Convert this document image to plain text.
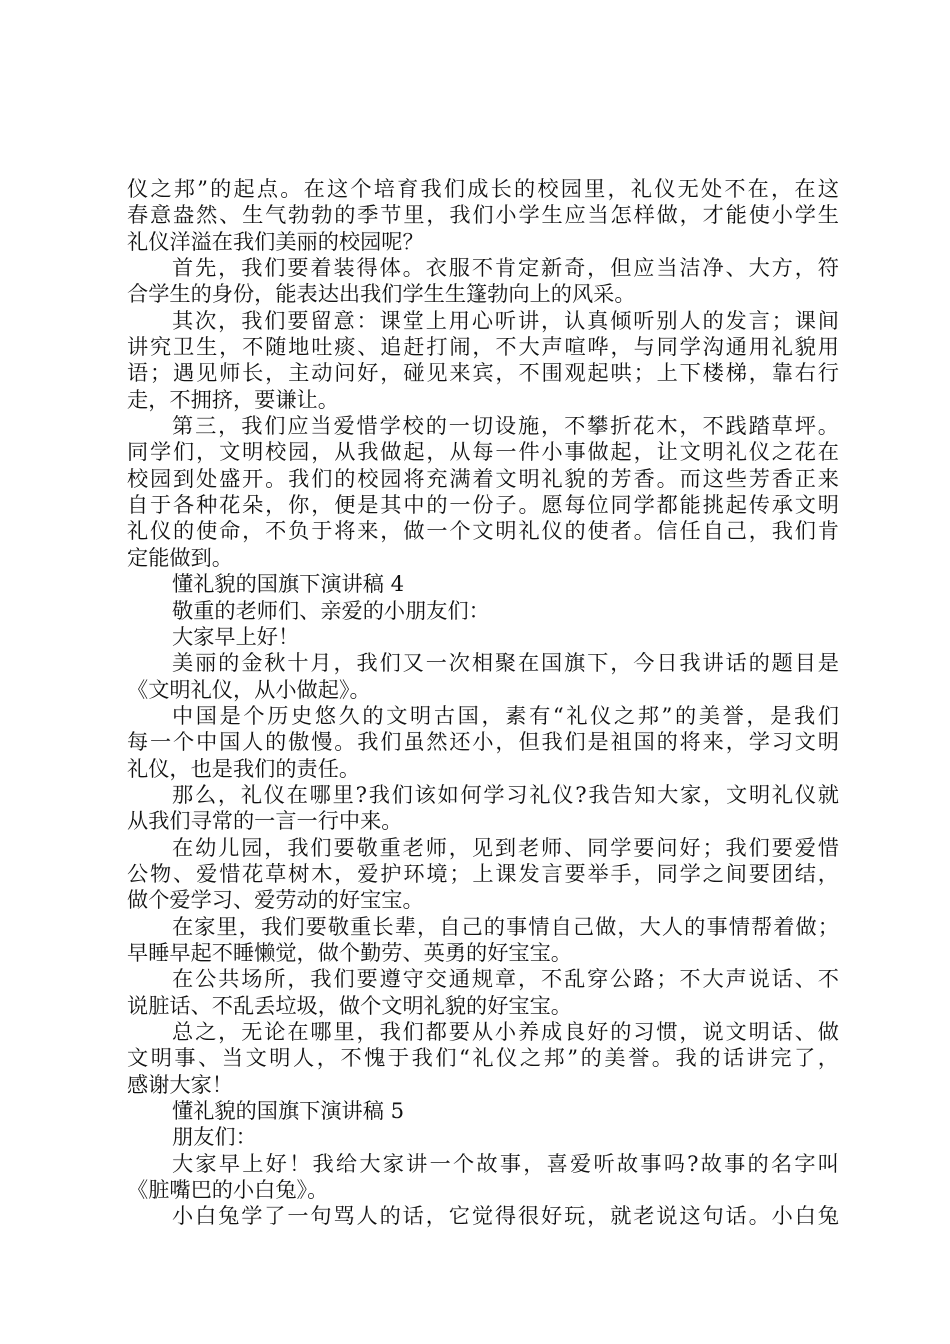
仪之邦”的起点。在这个培育我们成长的校园里，礼仪无处不在，在这
春意盎然、生气勃勃的季节里，我们小学生应当怎样做，才能使小学生
礼仪洋溢在我们美丽的校园呢？
首先，我们要着装得体。衣服不肯定新奇，但应当洁净、大方，符
合学生的身份，能表达出我们学生生篷勃向上的风采。
其次，我们要留意：课堂上用心听讲，认真倾听别人的发言；课间
讲究卫生，不随地吐痰、追赶打闹，不大声喧哗，与同学沟通用礼貌用
语；遇见师长，主动问好，碰见来宾，不围观起哄；上下楼梯，靠右行
走，不拥挤，要谦让。
第三，我们应当爱惜学校的一切设施，不攀折花木，不践踏草坪。
同学们，文明校园，从我做起，从每一件小事做起，让文明礼仪之花在
校园到处盛开。我们的校园将充满着文明礼貌的芳香。而这些芳香正来
自于各种花朵，你，便是其中的一份子。愿每位同学都能挑起传承文明
礼仪的使命，不负于将来，做一个文明礼仪的使者。信任自己，我们肯
定能做到。
懂礼貌的国旗下演讲稿 4
敬重的老师们、亲爱的小朋友们：
大家早上好！
美丽的金秋十月，我们又一次相聚在国旗下，今日我讲话的题目是
《文明礼仪，从小做起》。
中国是个历史悠久的文明古国，素有“礼仪之邦”的美誉，是我们
每一个中国人的傲慢。我们虽然还小，但我们是祖国的将来，学习文明
礼仪，也是我们的责任。
那么，礼仪在哪里?我们该如何学习礼仪?我告知大家，文明礼仪就
从我们寻常的一言一行中来。
在幼儿园，我们要敬重老师，见到老师、同学要问好；我们要爱惜
公物、爱惜花草树木，爱护环境；上课发言要举手，同学之间要团结，
做个爱学习、爱劳动的好宝宝。
在家里，我们要敬重长辈，自己的事情自己做，大人的事情帮着做；
早睡早起不睡懒觉，做个勤劳、英勇的好宝宝。
在公共场所，我们要遵守交通规章，不乱穿公路；不大声说话、不
说脏话、不乱丢垃圾，做个文明礼貌的好宝宝。
总之，无论在哪里，我们都要从小养成良好的习惯，说文明话、做
文明事、当文明人，不愧于我们“礼仪之邦”的美誉。我的话讲完了，
感谢大家！
懂礼貌的国旗下演讲稿 5
朋友们：
大家早上好！我给大家讲一个故事，喜爱听故事吗?故事的名字叫
《脏嘴巴的小白兔》。
小白兔学了一句骂人的话，它觉得很好玩，就老说这句话。小白兔
